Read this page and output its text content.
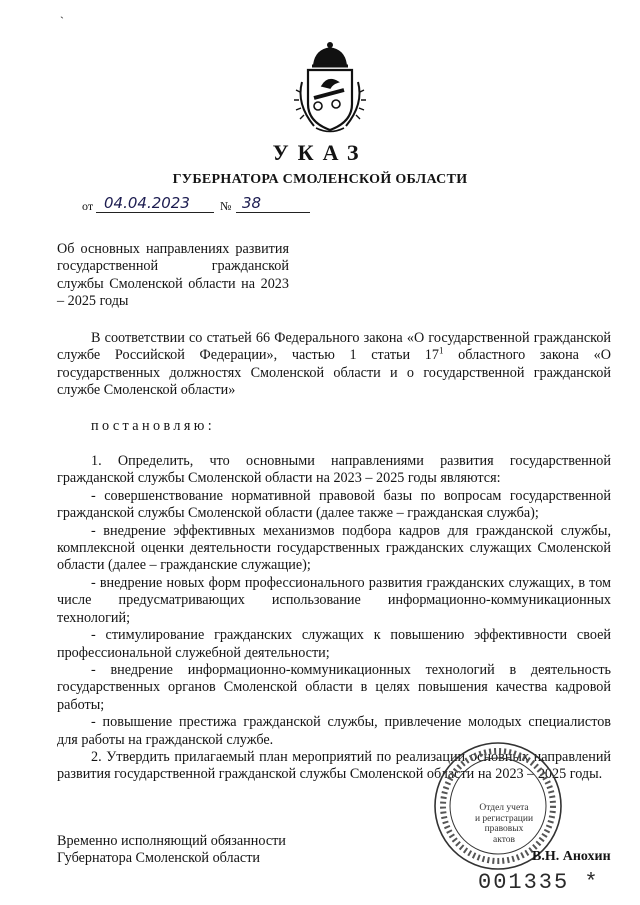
`
УКАЗ
ГУБЕРНАТОРА СМОЛЕНСКОЙ ОБЛАСТИ
от 04.04.2023	№ 38
Об основных направлениях развития государственной гражданской службы Смоленской области на 2023 – 2025 годы

В соответствии со статьей 66 Федерального закона «О государственной гражданской службе Российской Федерации», частью 1 статьи $17^1$ областного закона «О государственных должностях Смоленской области и о государственной гражданской службе Смоленской области»

постановляю:

1. Определить, что основными направлениями развития государственной гражданской службы Смоленской области на 2023 – 2025 годы являются:

- совершенствование нормативной правовой базы по вопросам государственной гражданской службы Смоленской области (далее также – гражданская служба);

- внедрение эффективных механизмов подбора кадров для гражданской службы, комплексной оценки деятельности государственных гражданских служащих Смоленской области (далее – гражданские служащие);

- внедрение новых форм профессионального развития гражданских служащих, в том числе предусматривающих использование информационно-коммуникационных технологий;

- стимулирование гражданских служащих к повышению эффективности своей профессиональной служебной деятельности;

- внедрение информационно-коммуникационных технологий в деятельность государственных органов Смоленской области в целях повышения качества кадровой работы;

- повышение престижа гражданской службы, привлечение молодых специалистов для работы на гражданской службе.

2. Утвердить прилагаемый план мероприятий по реализации основных направлений развития государственной гражданской службы Смоленской области на 2023 – 2025 годы.

Отдел учета
и регистрации
правовых актов
Временно исполняющий обязанности
Губернатора Смоленской области	В.Н. Анохин
001335 *
